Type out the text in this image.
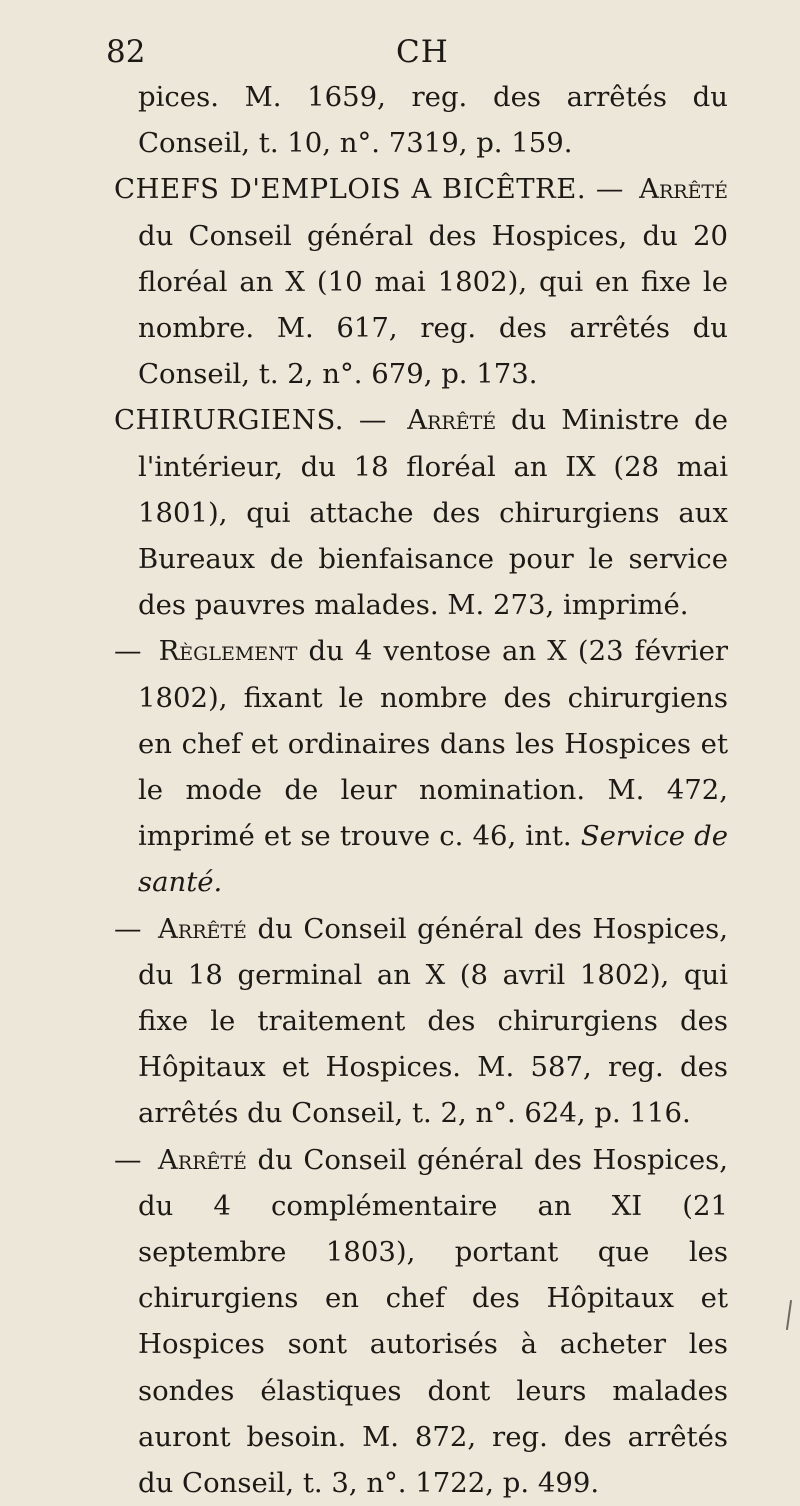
82	CH

pices. M. 1659, reg. des arrêtés du Conseil, t. 10, n°. 7319, p. 159.

CHEFS D'EMPLOIS A BICÊTRE. — Arrêté du Conseil général des Hospices, du 20 floréal an X (10 mai 1802), qui en fixe le nombre. M. 617, reg. des arrêtés du Conseil, t. 2, n°. 679, p. 173.

CHIRURGIENS. — Arrêté du Ministre de l'intérieur, du 18 floréal an IX (28 mai 1801), qui attache des chirurgiens aux Bureaux de bienfaisance pour le service des pauvres malades. M. 273, imprimé.

— Règlement du 4 ventose an X (23 février 1802), fixant le nombre des chirurgiens en chef et ordinaires dans les Hospices et le mode de leur nomination. M. 472, imprimé et se trouve c. 46, int. Service de santé.

— Arrêté du Conseil général des Hospices, du 18 germinal an X (8 avril 1802), qui fixe le traitement des chirurgiens des Hôpitaux et Hospices. M. 587, reg. des arrêtés du Conseil, t. 2, n°. 624, p. 116.

— Arrêté du Conseil général des Hospices, du 4 complémentaire an XI (21 septembre 1803), portant que les chirurgiens en chef des Hôpitaux et Hospices sont autorisés à acheter les sondes élastiques dont leurs malades auront besoin. M. 872, reg. des arrêtés du Conseil, t. 3, n°. 1722, p. 499.
